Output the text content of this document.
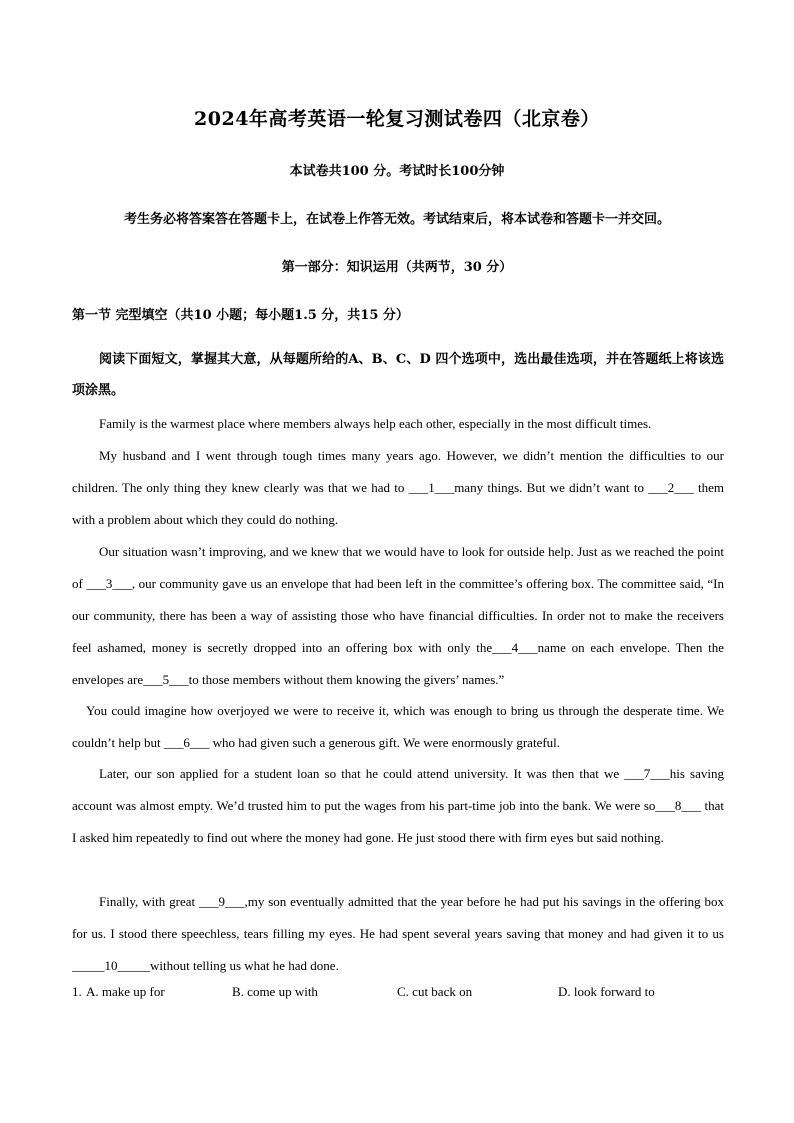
2024年高考英语一轮复习测试卷四（北京卷）
本试卷共100 分。考试时长100分钟
考生务必将答案答在答题卡上，在试卷上作答无效。考试结束后，将本试卷和答题卡一并交回。
第一部分：知识运用（共两节，30 分）
第一节 完型填空（共10 小题；每小题1.5 分，共15 分）
阅读下面短文，掌握其大意，从每题所给的A、B、C、D 四个选项中，选出最佳选项，并在答题纸上将该选项涂黑。
Family is the warmest place where members always help each other, especially in the most difficult times.
My husband and I went through tough times many years ago. However, we didn’t mention the difficulties to our children. The only thing they knew clearly was that we had to ___1___many things. But we didn’t want to ___2___ them with a problem about which they could do nothing.
Our situation wasn’t improving, and we knew that we would have to look for outside help. Just as we reached the point of ___3___, our community gave us an envelope that had been left in the committee’s offering box. The committee said, “In our community, there has been a way of assisting those who have financial difficulties. In order not to make the receivers feel ashamed, money is secretly dropped into an offering box with only the___4___name on each envelope. Then the envelopes are___5___to those members without them knowing the givers’ names.”
You could imagine how overjoyed we were to receive it, which was enough to bring us through the desperate time. We couldn’t help but ___6___ who had given such a generous gift. We were enormously grateful.
Later, our son applied for a student loan so that he could attend university. It was then that we ___7___his saving account was almost empty. We’d trusted him to put the wages from his part-time job into the bank. We were so___8___ that I asked him repeatedly to find out where the money had gone. He just stood there with firm eyes but said nothing.
Finally, with great ___9___,my son eventually admitted that the year before he had put his savings in the offering box for us. I stood there speechless, tears filling my eyes. He had spent several years saving that money and had given it to us _____10_____without telling us what he had done.
1. A. make up for	B. come up with	C. cut back on	D. look forward to
